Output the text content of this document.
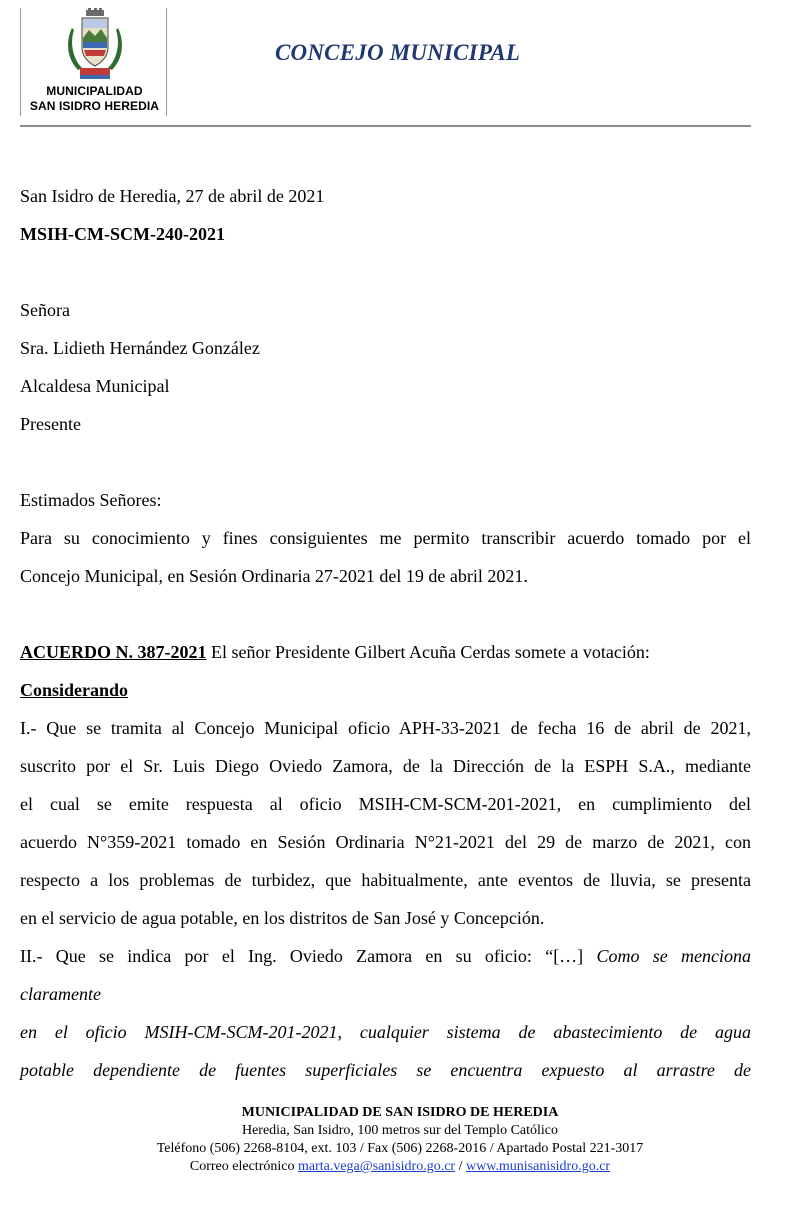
MUNICIPALIDAD
SAN ISIDRO HEREDIA
CONCEJO MUNICIPAL
San Isidro de Heredia, 27 de abril de 2021
MSIH-CM-SCM-240-2021
Señora
Sra. Lidieth Hernández González
Alcaldesa Municipal
Presente
Estimados Señores:
Para su conocimiento y fines consiguientes me permito transcribir acuerdo tomado por el
Concejo Municipal, en Sesión Ordinaria 27-2021 del 19 de abril 2021.
ACUERDO N. 387-2021 El señor Presidente Gilbert Acuña Cerdas somete a votación:
Considerando
I.- Que se tramita al Concejo Municipal oficio APH-33-2021 de fecha 16 de abril de 2021,
suscrito por el Sr. Luis Diego Oviedo Zamora, de la Dirección de la ESPH S.A., mediante
el cual se emite respuesta al oficio MSIH-CM-SCM-201-2021, en cumplimiento del
acuerdo N°359-2021 tomado en Sesión Ordinaria N°21-2021 del 29 de marzo de 2021, con
respecto a los problemas de turbidez, que habitualmente, ante eventos de lluvia, se presenta
en el servicio de agua potable, en los distritos de San José y Concepción.
II.- Que se indica por el Ing. Oviedo Zamora en su oficio: “[…] Como se menciona
claramente
en el oficio MSIH-CM-SCM-201-2021, cualquier sistema de abastecimiento de agua
potable dependiente de fuentes superficiales se encuentra expuesto al arrastre de
MUNICIPALIDAD DE SAN ISIDRO DE HEREDIA
Heredia, San Isidro, 100 metros sur del Templo Católico
Teléfono (506) 2268-8104, ext. 103 / Fax (506) 2268-2016 / Apartado Postal 221-3017
Correo electrónico marta.vega@sanisidro.go.cr / www.munisanisidro.go.cr
